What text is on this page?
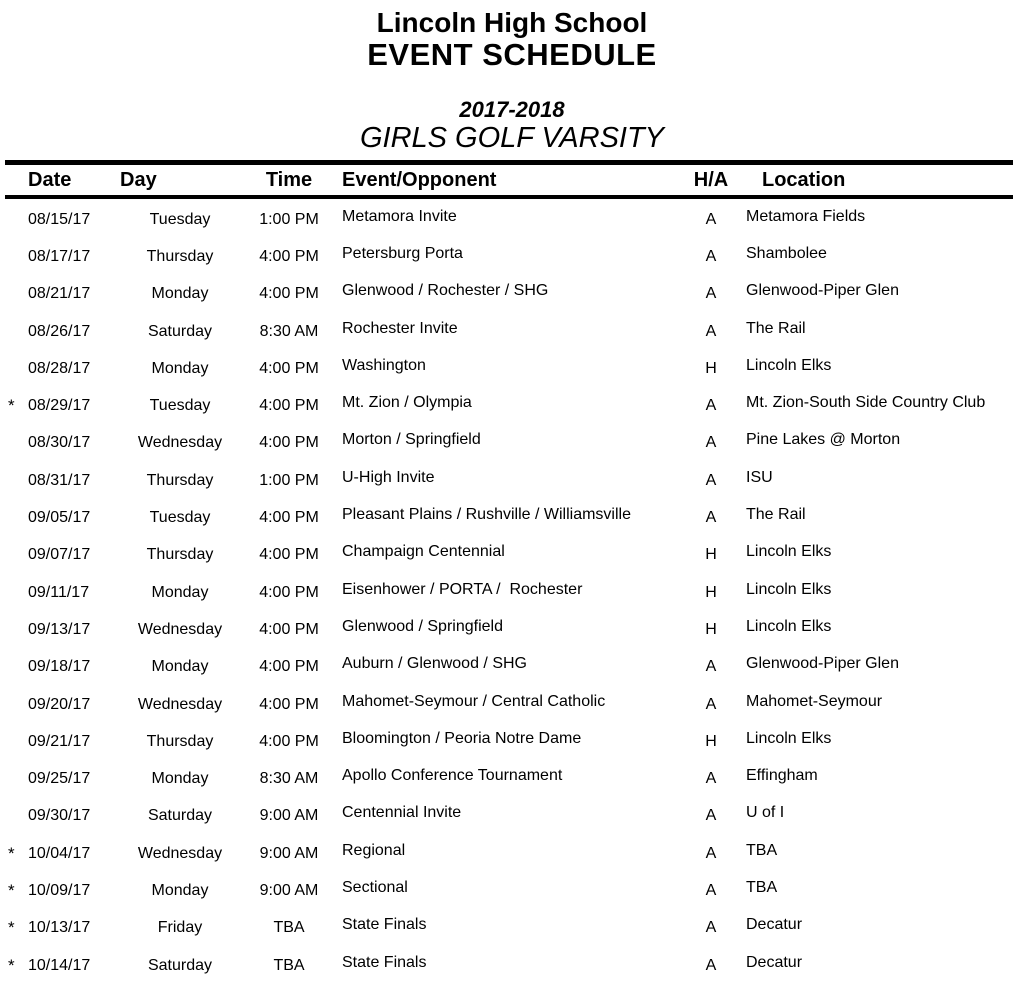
Lincoln High School
EVENT SCHEDULE
2017-2018
GIRLS GOLF VARSITY
Date	Day	Time	Event/Opponent	H/A	Location
08/15/17	Tuesday	1:00 PM	Metamora Invite	A	Metamora Fields
08/17/17	Thursday	4:00 PM	Petersburg Porta	A	Shambolee
08/21/17	Monday	4:00 PM	Glenwood / Rochester / SHG	A	Glenwood-Piper Glen
08/26/17	Saturday	8:30 AM	Rochester Invite	A	The Rail
08/28/17	Monday	4:00 PM	Washington	H	Lincoln Elks
* 08/29/17	Tuesday	4:00 PM	Mt. Zion / Olympia	A	Mt. Zion-South Side Country Club
08/30/17	Wednesday	4:00 PM	Morton / Springfield	A	Pine Lakes @ Morton
08/31/17	Thursday	1:00 PM	U-High Invite	A	ISU
09/05/17	Tuesday	4:00 PM	Pleasant Plains / Rushville / Williamsville	A	The Rail
09/07/17	Thursday	4:00 PM	Champaign Centennial	H	Lincoln Elks
09/11/17	Monday	4:00 PM	Eisenhower / PORTA /  Rochester	H	Lincoln Elks
09/13/17	Wednesday	4:00 PM	Glenwood / Springfield	H	Lincoln Elks
09/18/17	Monday	4:00 PM	Auburn / Glenwood / SHG	A	Glenwood-Piper Glen
09/20/17	Wednesday	4:00 PM	Mahomet-Seymour / Central Catholic	A	Mahomet-Seymour
09/21/17	Thursday	4:00 PM	Bloomington / Peoria Notre Dame	H	Lincoln Elks
09/25/17	Monday	8:30 AM	Apollo Conference Tournament	A	Effingham
09/30/17	Saturday	9:00 AM	Centennial Invite	A	U of I
* 10/04/17	Wednesday	9:00 AM	Regional	A	TBA
* 10/09/17	Monday	9:00 AM	Sectional	A	TBA
* 10/13/17	Friday	TBA	State Finals	A	Decatur
* 10/14/17	Saturday	TBA	State Finals	A	Decatur
